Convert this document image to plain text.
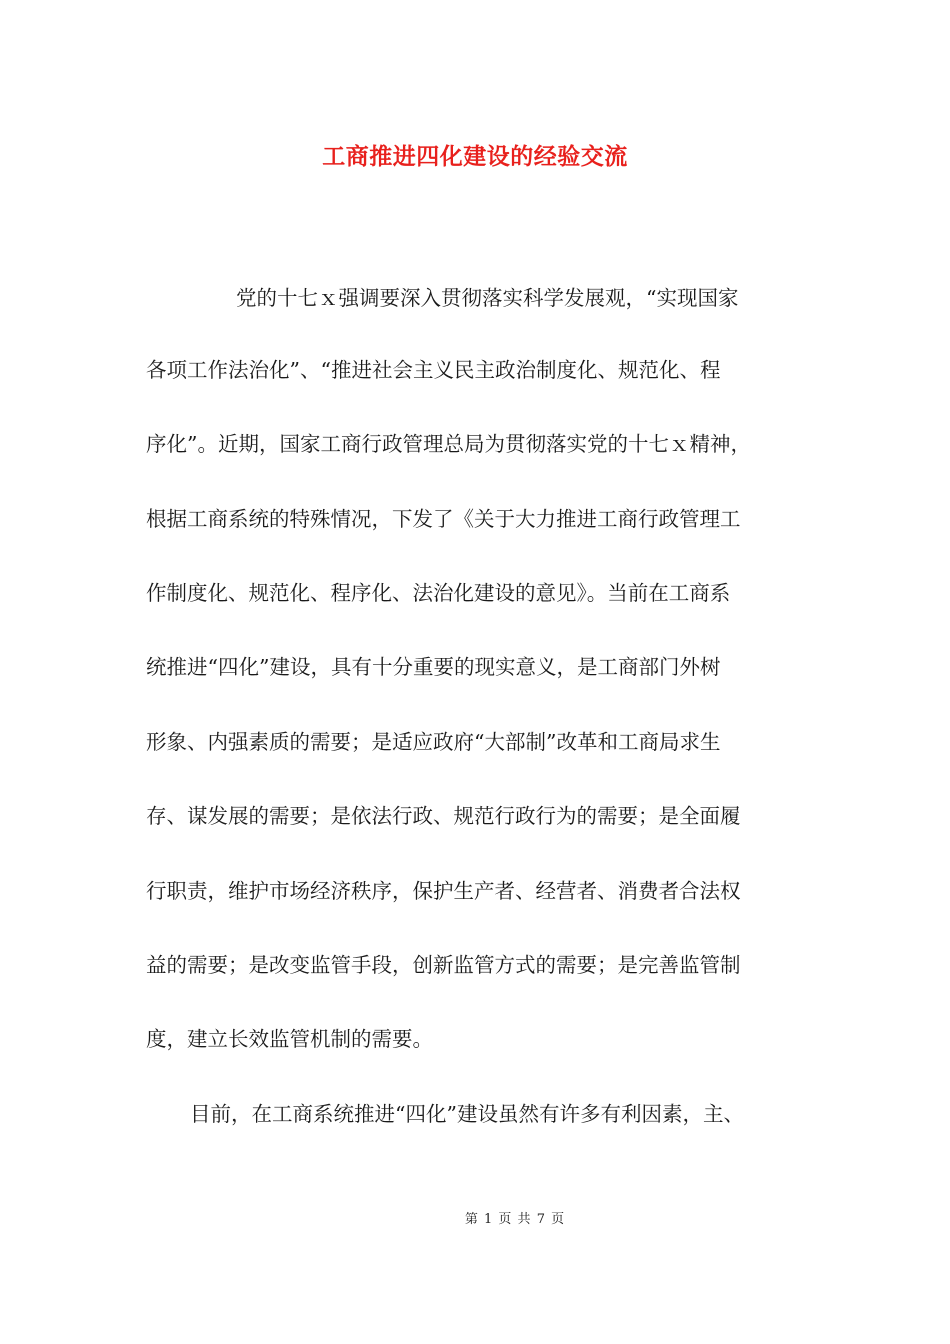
工商推进四化建设的经验交流
党的十七ｘ强调要深入贯彻落实科学发展观，“实现国家
各项工作法治化”、“推进社会主义民主政治制度化、规范化、程
序化”。近期，国家工商行政管理总局为贯彻落实党的十七ｘ精神，
根据工商系统的特殊情况，下发了《关于大力推进工商行政管理工
作制度化、规范化、程序化、法治化建设的意见》。当前在工商系
统推进“四化”建设，具有十分重要的现实意义，是工商部门外树
形象、内强素质的需要；是适应政府“大部制”改革和工商局求生
存、谋发展的需要；是依法行政、规范行政行为的需要；是全面履
行职责，维护市场经济秩序，保护生产者、经营者、消费者合法权
益的需要；是改变监管手段，创新监管方式的需要；是完善监管制
度，建立长效监管机制的需要。
目前，在工商系统推进“四化”建设虽然有许多有利因素，主、
第 1 页 共 7 页
